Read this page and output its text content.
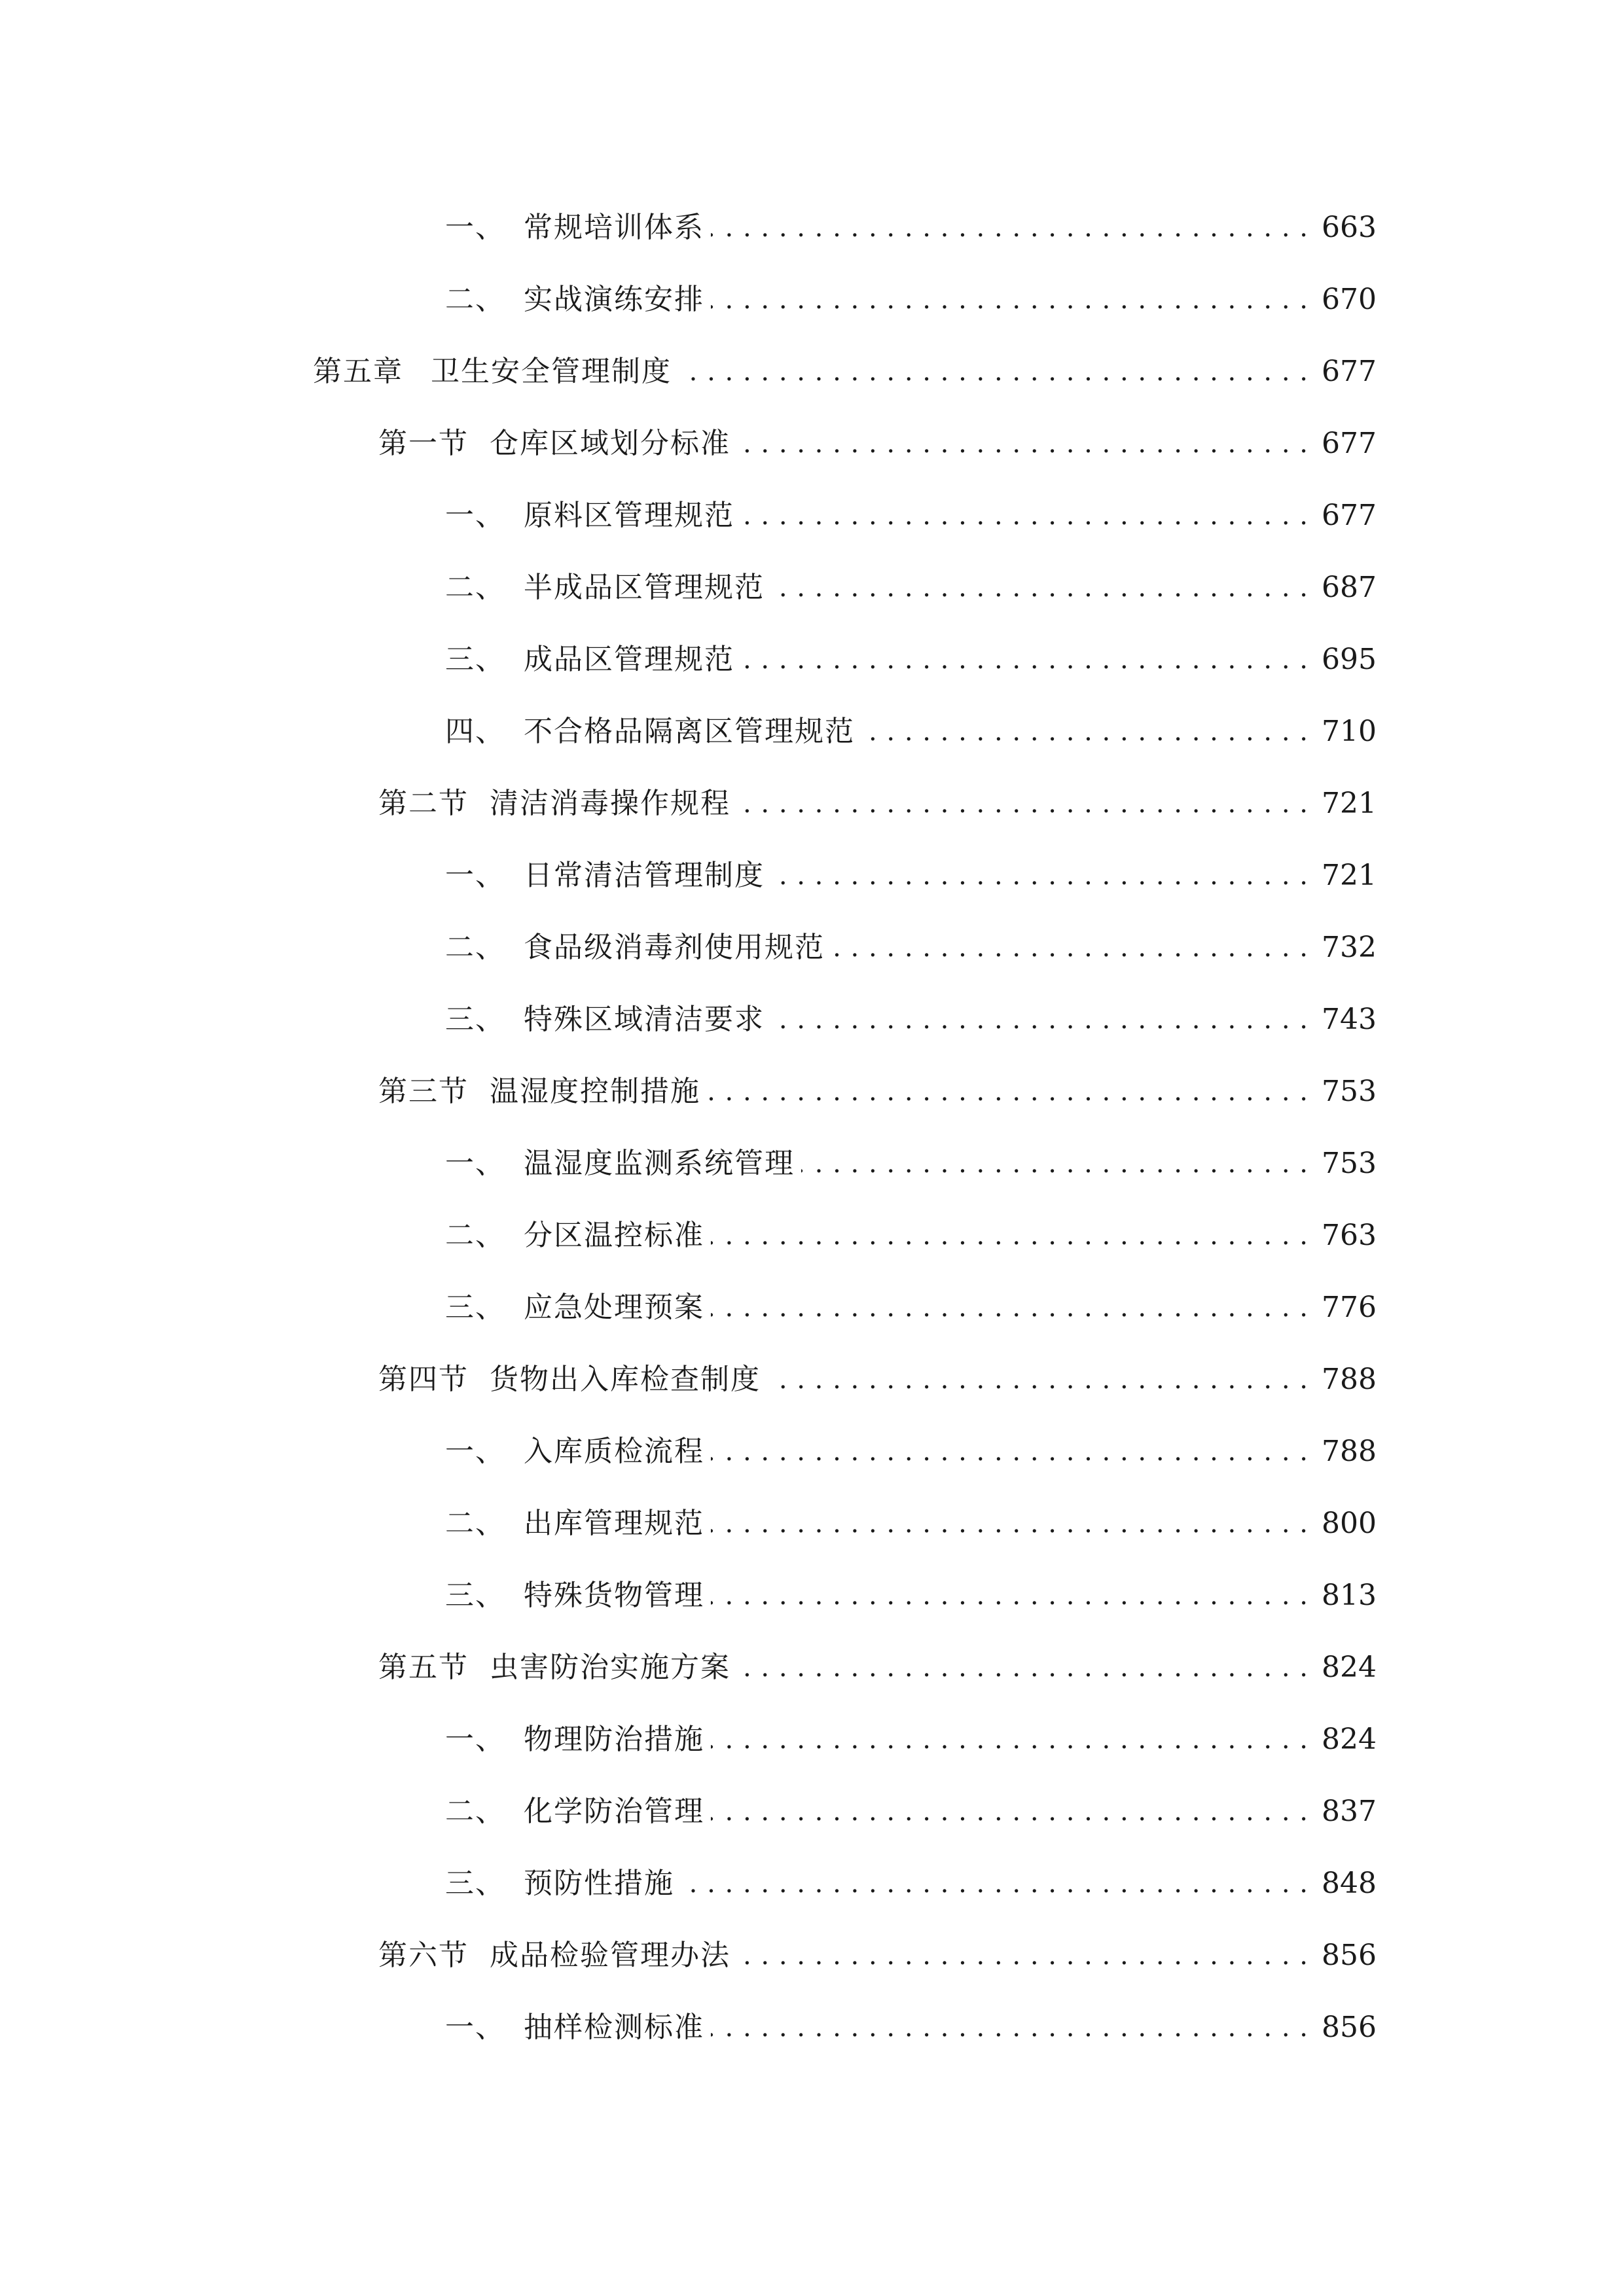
一、 常规培训体系 . . .	663
二、 实战演练安排 . . .	670
第五章 卫生安全管理制度 . . .	677
第一节 仓库区域划分标准 . . .	677
一、 原料区管理规范 . . .	677
二、 半成品区管理规范 . . .	687
三、 成品区管理规范 . . .	695
四、 不合格品隔离区管理规范 . . .	710
第二节 清洁消毒操作规程 . . .	721
一、 日常清洁管理制度 . . .	721
二、 食品级消毒剂使用规范 . . .	732
三、 特殊区域清洁要求 . . .	743
第三节 温湿度控制措施 . . .	753
一、 温湿度监测系统管理 . . .	753
二、 分区温控标准 . . .	763
三、 应急处理预案 . . .	776
第四节 货物出入库检查制度 . . .	788
一、 入库质检流程 . . .	788
二、 出库管理规范 . . .	800
三、 特殊货物管理 . . .	813
第五节 虫害防治实施方案 . . .	824
一、 物理防治措施 . . .	824
二、 化学防治管理 . . .	837
三、 预防性措施 . . .	848
第六节 成品检验管理办法 . . .	856
一、 抽样检测标准 . . .	856
